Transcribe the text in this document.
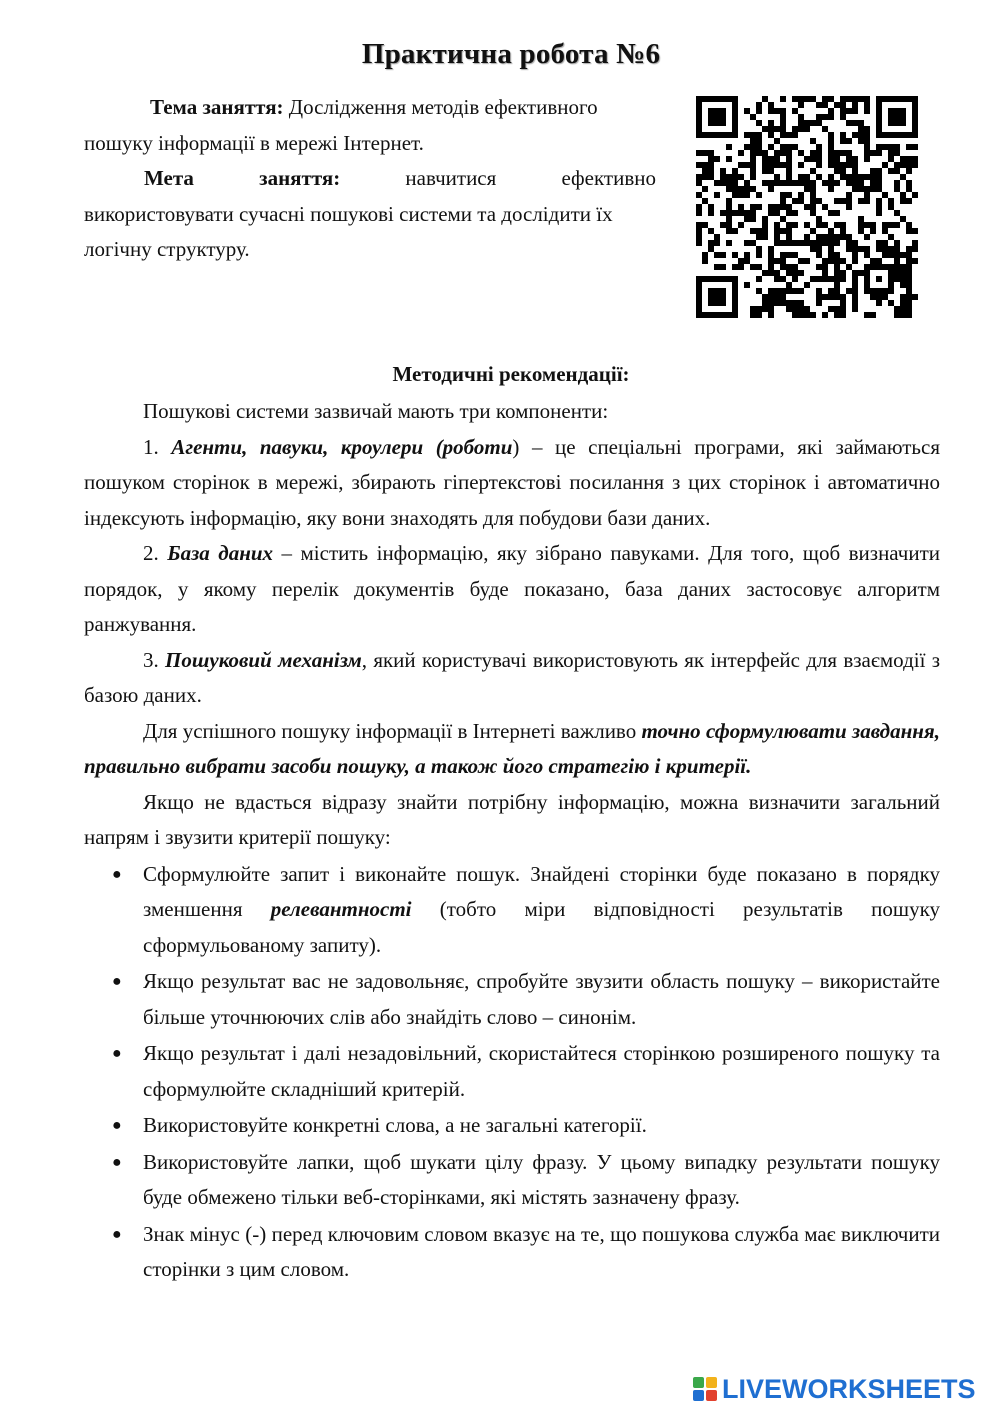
Практична робота №6

Тема заняття: Дослідження методів ефективного пошуку інформації в мережі Інтернет.

Мета	заняття:	навчитися	ефективно

використовувати сучасні пошукові системи та дослідити їх логічну структуру.

Методичні рекомендації:

Пошукові системи зазвичай мають три компоненти:

1. Агенти, павуки, кроулери (роботи) – це спеціальні програми, які займаються пошуком сторінок в мережі, збирають гіпертекстові посилання з цих сторінок і автоматично індексують інформацію, яку вони знаходять для побудови бази даних.

2. База даних – містить інформацію, яку зібрано павуками. Для того, щоб визначити порядок, у якому перелік документів буде показано, база даних застосовує алгоритм ранжування.

3. Пошуковий механізм, який користувачі використовують як інтерфейс для взаємодії з базою даних.

Для успішного пошуку інформації в Інтернеті важливо точно сформулювати завдання, правильно вибрати засоби пошуку, а також його стратегію і критерії.

Якщо не вдасться відразу знайти потрібну інформацію, можна визначити загальний напрям і звузити критерії пошуку:

● Сформулюйте запит і виконайте пошук. Знайдені сторінки буде показано в порядку зменшення релевантності (тобто міри відповідності результатів пошуку сформульованому запиту).
● Якщо результат вас не задовольняє, спробуйте звузити область пошуку – використайте більше уточнюючих слів або знайдіть слово – синонім.
● Якщо результат і далі незадовільний, скористайтеся сторінкою розширеного пошуку та сформулюйте складніший критерій.
● Використовуйте конкретні слова, а не загальні категорії.
● Використовуйте лапки, щоб шукати цілу фразу. У цьому випадку результати пошуку буде обмежено тільки веб-сторінками, які містять зазначену фразу.
● Знак мінус (-) перед ключовим словом вказує на те, що пошукова служба має виключити сторінки з цим словом.
LIVEWORKSHEETS
